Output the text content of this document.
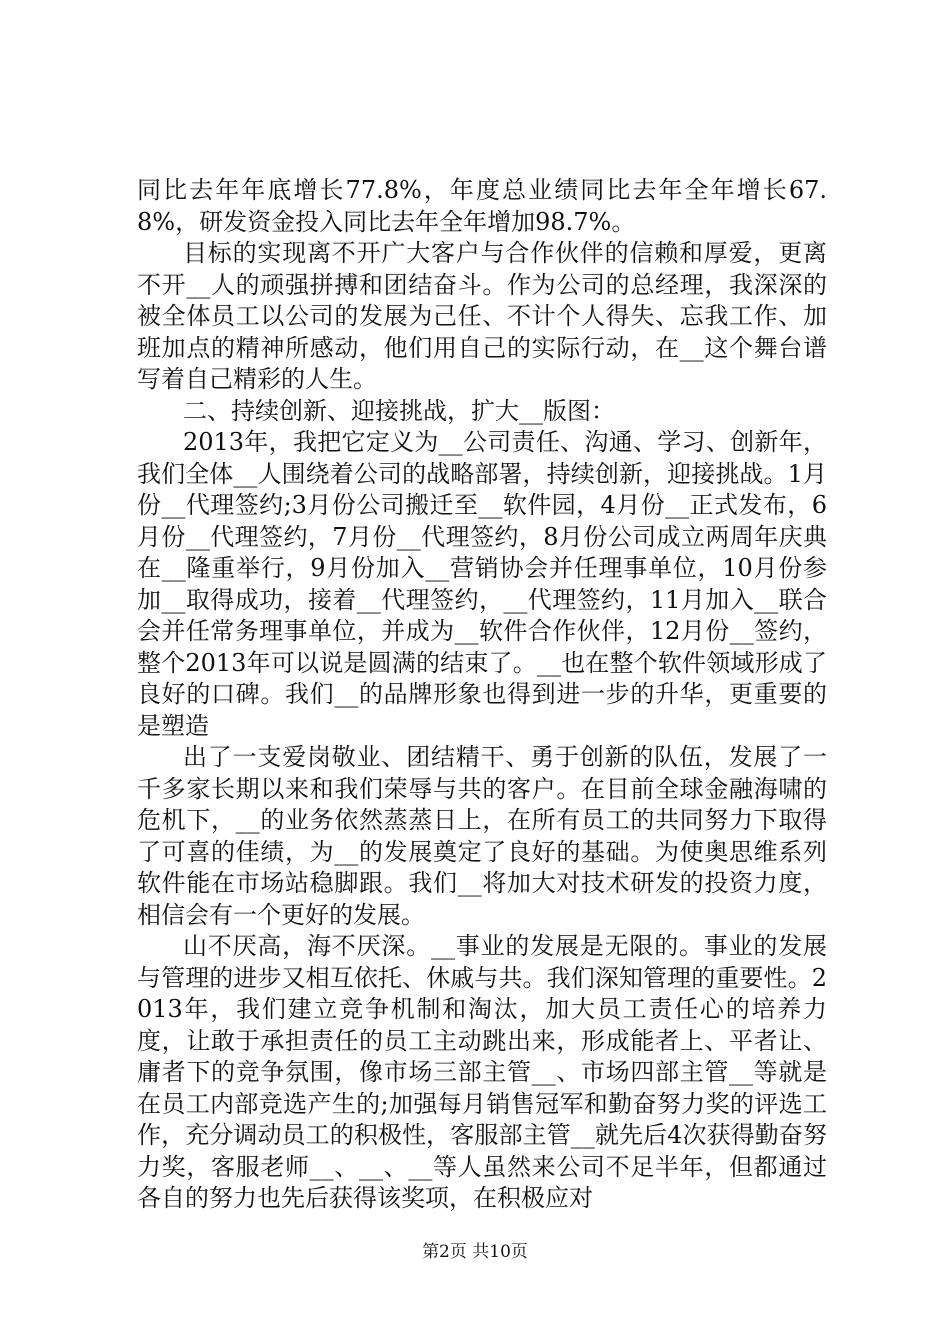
同比去年年底增长77.8%，年度总业绩同比去年全年增长67.8%，研发资金投入同比去年全年增加98.7%。

目标的实现离不开广大客户与合作伙伴的信赖和厚爱，更离不开__人的顽强拼搏和团结奋斗。作为公司的总经理，我深深的被全体员工以公司的发展为己任、不计个人得失、忘我工作、加班加点的精神所感动，他们用自己的实际行动，在__这个舞台谱写着自己精彩的人生。

二、持续创新、迎接挑战，扩大__版图：

2013年，我把它定义为__公司责任、沟通、学习、创新年，我们全体__人围绕着公司的战略部署，持续创新，迎接挑战。1月份__代理签约;3月份公司搬迁至__软件园，4月份__正式发布，6月份__代理签约，7月份__代理签约，8月份公司成立两周年庆典在__隆重举行，9月份加入__营销协会并任理事单位，10月份参加__取得成功，接着__代理签约，__代理签约，11月加入__联合会并任常务理事单位，并成为__软件合作伙伴，12月份__签约，整个2013年可以说是圆满的结束了。__也在整个软件领域形成了良好的口碑。我们__的品牌形象也得到进一步的升华，更重要的是塑造

出了一支爱岗敬业、团结精干、勇于创新的队伍，发展了一千多家长期以来和我们荣辱与共的客户。在目前全球金融海啸的危机下，__的业务依然蒸蒸日上，在所有员工的共同努力下取得了可喜的佳绩，为__的发展奠定了良好的基础。为使奥思维系列软件能在市场站稳脚跟。我们__将加大对技术研发的投资力度，相信会有一个更好的发展。

山不厌高，海不厌深。__事业的发展是无限的。事业的发展与管理的进步又相互依托、休戚与共。我们深知管理的重要性。2013年，我们建立竞争机制和淘汰，加大员工责任心的培养力度，让敢于承担责任的员工主动跳出来，形成能者上、平者让、庸者下的竞争氛围，像市场三部主管__、市场四部主管__等就是在员工内部竞选产生的;加强每月销售冠军和勤奋努力奖的评选工作，充分调动员工的积极性，客服部主管__就先后4次获得勤奋努力奖，客服老师__、__、__等人虽然来公司不足半年，但都通过各自的努力也先后获得该奖项，在积极应对

第2页 共10页
